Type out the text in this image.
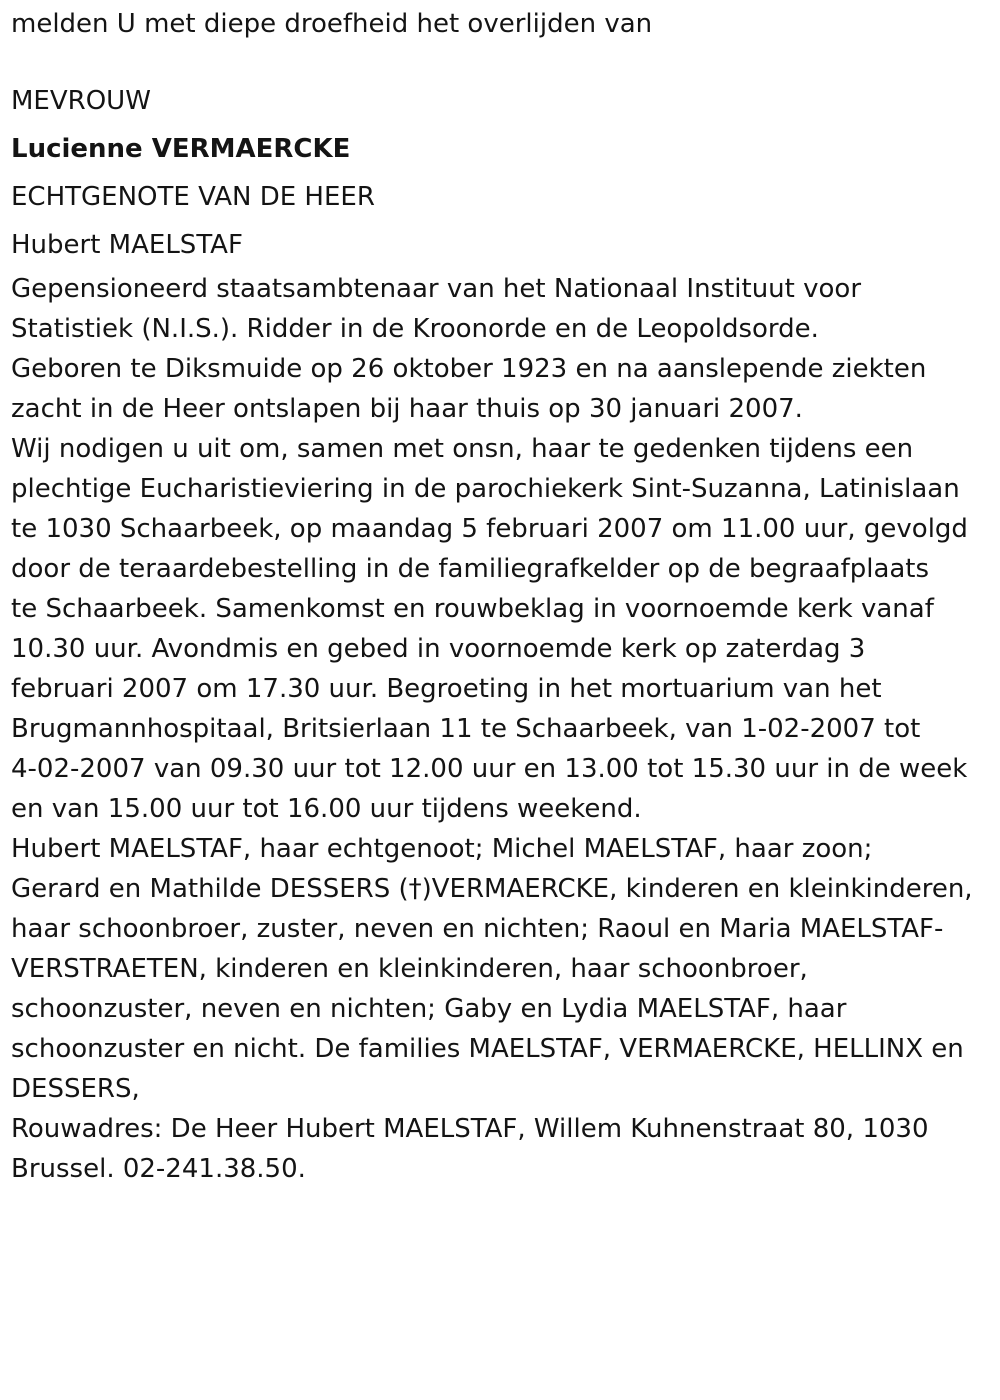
melden U met diepe droefheid het overlijden van
MEVROUW
Lucienne VERMAERCKE
ECHTGENOTE VAN DE HEER
Hubert MAELSTAF

Gepensioneerd staatsambtenaar van het Nationaal Instituut voor
Statistiek (N.I.S.). Ridder in de Kroonorde en de Leopoldsorde.

Geboren te Diksmuide op 26 oktober 1923 en na aanslepende ziekten
zacht in de Heer ontslapen bij haar thuis op 30 januari 2007.

Wij nodigen u uit om, samen met onsn, haar te gedenken tijdens een
plechtige Eucharistieviering in de parochiekerk Sint-Suzanna, Latinislaan
te 1030 Schaarbeek, op maandag 5 februari 2007 om 11.00 uur, gevolgd
door de teraardebestelling in de familiegrafkelder op de begraafplaats
te Schaarbeek. Samenkomst en rouwbeklag in voornoemde kerk vanaf
10.30 uur. Avondmis en gebed in voornoemde kerk op zaterdag 3
februari 2007 om 17.30 uur. Begroeting in het mortuarium van het
Brugmannhospitaal, Britsierlaan 11 te Schaarbeek, van 1-02-2007 tot
4-02-2007 van 09.30 uur tot 12.00 uur en 13.00 tot 15.30 uur in de week
en van 15.00 uur tot 16.00 uur tijdens weekend.

Hubert MAELSTAF, haar echtgenoot; Michel MAELSTAF, haar zoon;
Gerard en Mathilde DESSERS (†)VERMAERCKE, kinderen en kleinkinderen,
haar schoonbroer, zuster, neven en nichten; Raoul en Maria MAELSTAF-
VERSTRAETEN, kinderen en kleinkinderen, haar schoonbroer,
schoonzuster, neven en nichten; Gaby en Lydia MAELSTAF, haar
schoonzuster en nicht. De families MAELSTAF, VERMAERCKE, HELLINX en
DESSERS,

Rouwadres: De Heer Hubert MAELSTAF, Willem Kuhnenstraat 80, 1030
Brussel. 02-241.38.50.
